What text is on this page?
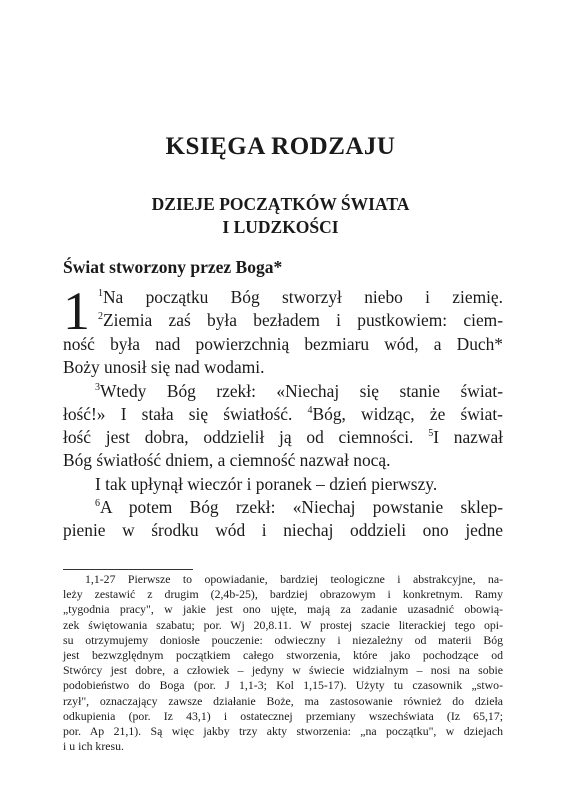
KSIĘGA RODZAJU
DZIEJE POCZĄTKÓW ŚWIATA
I LUDZKOŚCI
Świat stworzony przez Boga*
1 $^1$Na początku Bóg stworzył niebo i ziemię.
$^2$Ziemia zaś była bezładem i pustkowiem: ciem-
ność była nad powierzchnią bezmiaru wód, a Duch*
Boży unosił się nad wodami.
$^3$Wtedy Bóg rzekł: «Niechaj się stanie świat-
łość!» I stała się światłość. $^4$Bóg, widząc, że świat-
łość jest dobra, oddzielił ją od ciemności. $^5$I nazwał
Bóg światłość dniem, a ciemność nazwał nocą.
I tak upłynął wieczór i poranek – dzień pierwszy.
$^6$A potem Bóg rzekł: «Niechaj powstanie sklep-
pienie w środku wód i niechaj oddzieli ono jedne
1,1-27 Pierwsze to opowiadanie, bardziej teologiczne i abstrakcyjne, na-
leży zestawić z drugim (2,4b-25), bardziej obrazowym i konkretnym. Ramy
„tygodnia pracy", w jakie jest ono ujęte, mają za zadanie uzasadnić obowią-
zek świętowania szabatu; por. Wj 20,8.11. W prostej szacie literackiej tego opi-
su otrzymujemy doniosłe pouczenie: odwieczny i niezależny od materii Bóg
jest bezwzględnym początkiem całego stworzenia, które jako pochodzące od
Stwórcy jest dobre, a człowiek – jedyny w świecie widzialnym – nosi na sobie
podobieństwo do Boga (por. J 1,1-3; Kol 1,15-17). Użyty tu czasownik „stwo-
rzył", oznaczający zawsze działanie Boże, ma zastosowanie również do dzieła
odkupienia (por. Iz 43,1) i ostatecznej przemiany wszechświata (Iz 65,17;
por. Ap 21,1). Są więc jakby trzy akty stworzenia: „na początku", w dziejach
i u ich kresu.
